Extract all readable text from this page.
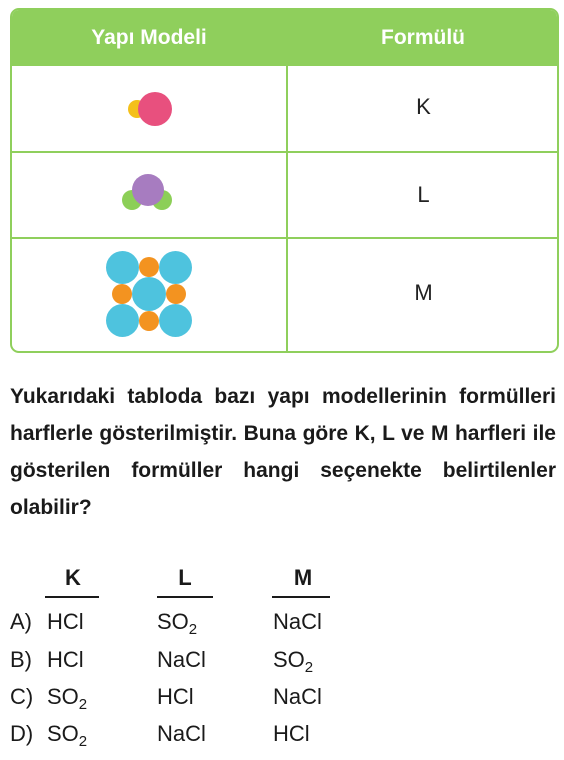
Yapı Modeli	Formülü
K
L
M
Yukarıdaki tabloda bazı yapı modellerinin formülleri harflerle gösterilmiştir. Buna göre K, L ve M harfleri ile gösterilen formüller hangi seçenekte belirtilenler olabilir?
K	L	M
A) HCl	$SO_2$	NaCl
B) HCl	NaCl	$SO_2$
C) $SO_2$	HCl	NaCl
D) $SO_2$	NaCl	HCl
